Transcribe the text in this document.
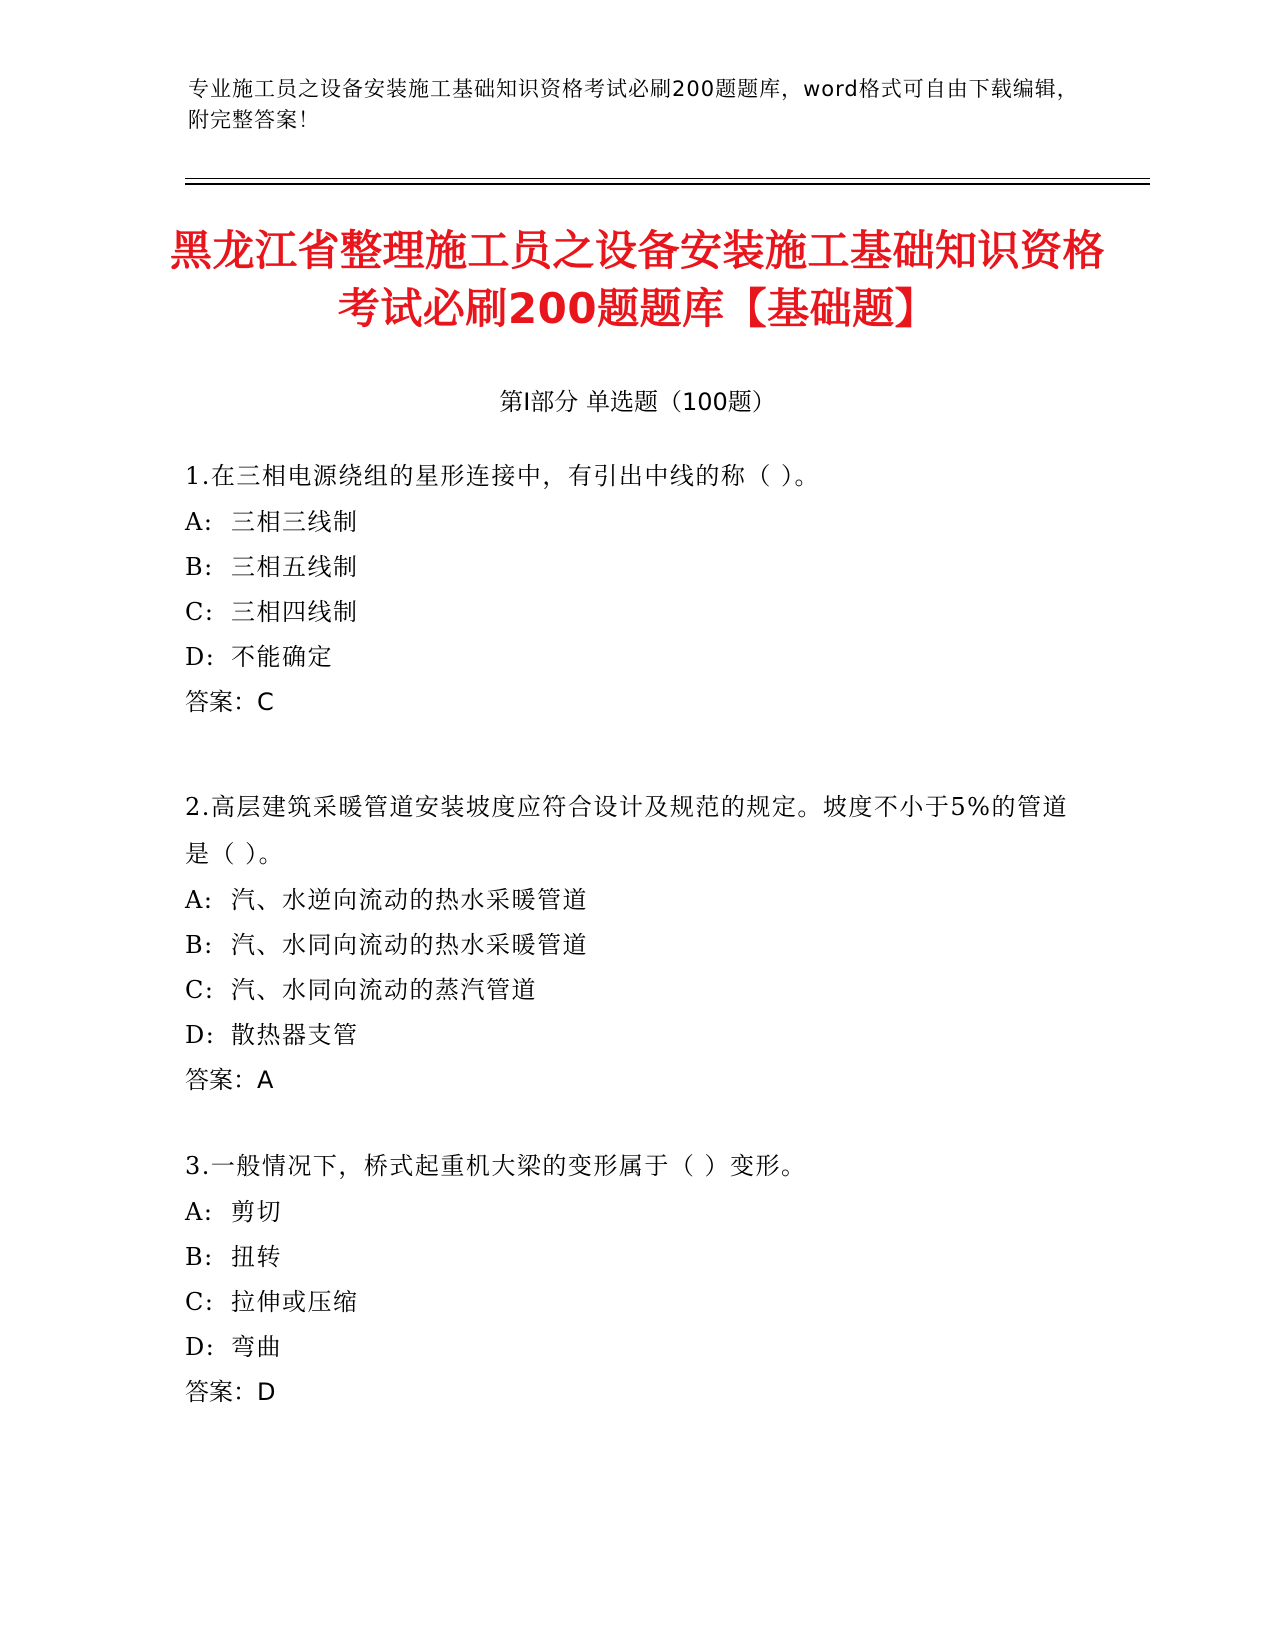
专业施工员之设备安装施工基础知识资格考试必刷200题题库，word格式可自由下载编辑，附完整答案！
黑龙江省整理施工员之设备安装施工基础知识资格考试必刷200题题库【基础题】
第I部分 单选题（100题）

1.在三相电源绕组的星形连接中，有引出中线的称（ ）。

A: 三相三线制

B: 三相五线制

C: 三相四线制

D: 不能确定

答案：C

2.高层建筑采暖管道安装坡度应符合设计及规范的规定。坡度不小于5%的管道是（ ）。

A: 汽、水逆向流动的热水采暖管道

B: 汽、水同向流动的热水采暖管道

C: 汽、水同向流动的蒸汽管道

D: 散热器支管

答案：A

3.一般情况下，桥式起重机大梁的变形属于（ ）变形。

A: 剪切

B: 扭转

C: 拉伸或压缩

D: 弯曲

答案：D
